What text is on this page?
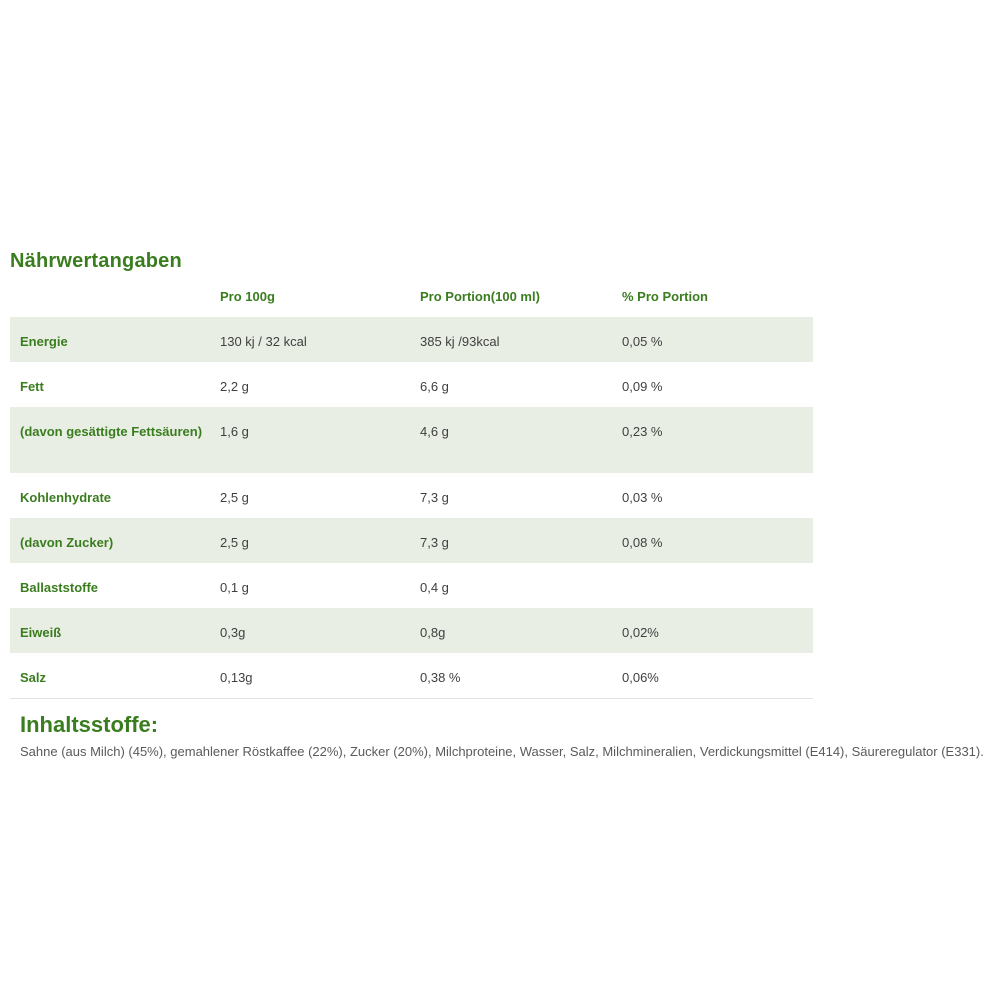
Nährwertangaben
	Pro 100g	Pro Portion(100 ml)	% Pro Portion
Energie	130 kj / 32 kcal	385 kj /93kcal	0,05 %
Fett	2,2 g	6,6 g	0,09 %
(davon gesättigte Fettsäuren)	1,6 g	4,6 g	0,23 %
Kohlenhydrate	2,5 g	7,3 g	0,03 %
(davon Zucker)	2,5 g	7,3 g	0,08 %
Ballaststoffe	0,1 g	0,4 g	
Eiweiß	0,3g	0,8g	0,02%
Salz	0,13g	0,38 %	0,06%
Inhaltsstoffe:
Sahne (aus Milch) (45%), gemahlener Röstkaffee (22%), Zucker (20%), Milchproteine, Wasser, Salz, Milchmineralien, Verdickungsmittel (E414), Säureregulator (E331).
